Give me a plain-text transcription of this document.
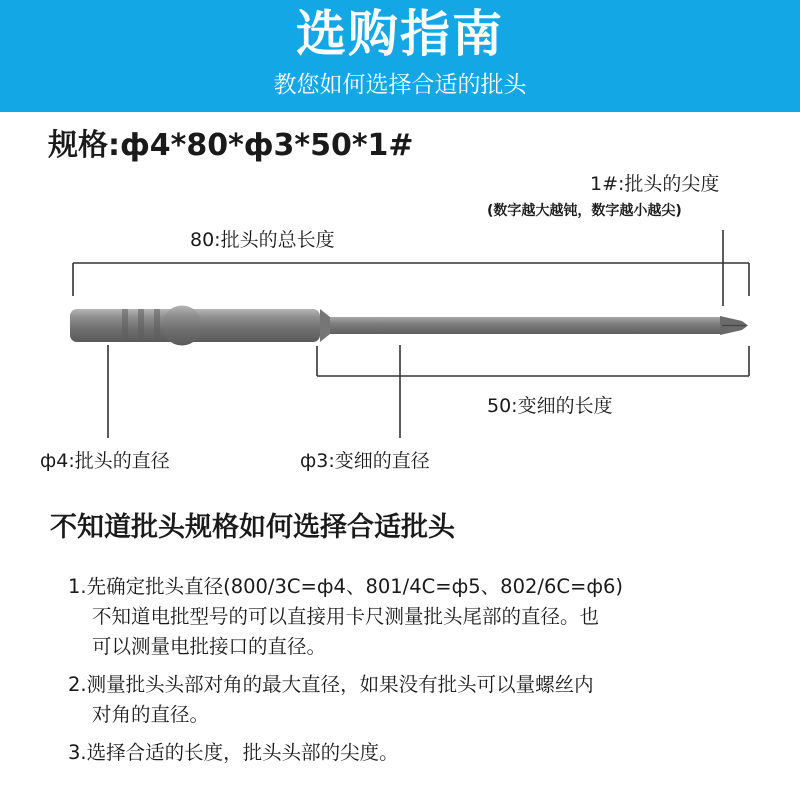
选购指南
教您如何选择合适的批头
规格:ф4*80*ф3*50*1#
1#:批头的尖度
(数字越大越钝，数字越小越尖)
80:批头的总长度
50:变细的长度
ф4:批头的直径	ф3:变细的直径
不知道批头规格如何选择合适批头
1.先确定批头直径(800/3C=ф4、801/4C=ф5、802/6C=ф6)
不知道电批型号的可以直接用卡尺测量批头尾部的直径。也
可以测量电批接口的直径。
2.测量批头头部对角的最大直径，如果没有批头可以量螺丝内
对角的直径。
3.选择合适的长度，批头头部的尖度。
